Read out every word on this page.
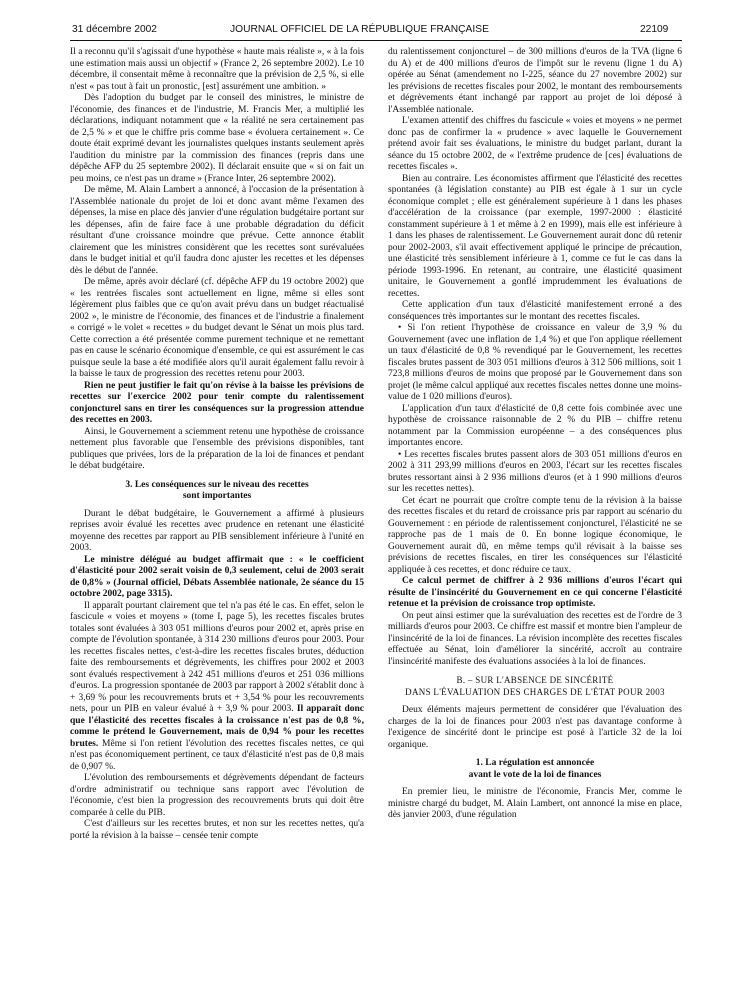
31 décembre 2002	JOURNAL OFFICIEL DE LA RÉPUBLIQUE FRANÇAISE	22109

Il a reconnu qu'il s'agissait d'une hypothèse « haute mais réaliste », « à la fois une estimation mais aussi un objectif » (France 2, 26 septembre 2002). Le 10 décembre, il consentait même à reconnaître que la prévision de 2,5 %, si elle n'est « pas tout à fait un pronostic, [est] assurément une ambition. »

Dès l'adoption du budget par le conseil des ministres, le ministre de l'économie, des finances et de l'industrie, M. Francis Mer, a multiplié les déclarations, indiquant notamment que « la réalité ne sera certainement pas de 2,5 % » et que le chiffre pris comme base « évoluera certainement ». Ce doute était exprimé devant les journalistes quelques instants seulement après l'audition du ministre par la commission des finances (repris dans une dépêche AFP du 25 septembre 2002). Il déclarait ensuite que « si on fait un peu moins, ce n'est pas un drame » (France Inter, 26 septembre 2002).

De même, M. Alain Lambert a annoncé, à l'occasion de la présentation à l'Assemblée nationale du projet de loi et donc avant même l'examen des dépenses, la mise en place dès janvier d'une régulation budgétaire portant sur les dépenses, afin de faire face à une probable dégradation du déficit résultant d'une croissance moindre que prévue. Cette annonce établit clairement que les ministres considèrent que les recettes sont surévaluées dans le budget initial et qu'il faudra donc ajuster les recettes et les dépenses dès le début de l'année.

De même, après avoir déclaré (cf. dépêche AFP du 19 octobre 2002) que « les rentrées fiscales sont actuellement en ligne, même si elles sont légèrement plus faibles que ce qu'on avait prévu dans un budget réactualisé 2002 », le ministre de l'économie, des finances et de l'industrie a finalement « corrigé » le volet « recettes » du budget devant le Sénat un mois plus tard. Cette correction a été présentée comme purement technique et ne remettant pas en cause le scénario économique d'ensemble, ce qui est assurément le cas puisque seule la base a été modifiée alors qu'il aurait également fallu revoir à la baisse le taux de progression des recettes retenu pour 2003.

Rien ne peut justifier le fait qu'on révise à la baisse les prévisions de recettes sur l'exercice 2002 pour tenir compte du ralentissement conjoncturel sans en tirer les conséquences sur la progression attendue des recettes en 2003.

Ainsi, le Gouvernement a sciemment retenu une hypothèse de croissance nettement plus favorable que l'ensemble des prévisions disponibles, tant publiques que privées, lors de la préparation de la loi de finances et pendant le débat budgétaire.

3. Les conséquences sur le niveau des recettes
sont importantes

Durant le débat budgétaire, le Gouvernement a affirmé à plusieurs reprises avoir évalué les recettes avec prudence en retenant une élasticité moyenne des recettes par rapport au PIB sensiblement inférieure à l'unité en 2003.

Le ministre délégué au budget affirmait que : « le coefficient d'élasticité pour 2002 serait voisin de 0,3 seulement, celui de 2003 serait de 0,8% » (Journal officiel, Débats Assemblée nationale, 2e séance du 15 octobre 2002, page 3315).

Il apparaît pourtant clairement que tel n'a pas été le cas. En effet, selon le fascicule « voies et moyens » (tome I, page 5), les recettes fiscales brutes totales sont évaluées à 303 051 millions d'euros pour 2002 et, après prise en compte de l'évolution spontanée, à 314 230 millions d'euros pour 2003. Pour les recettes fiscales nettes, c'est-à-dire les recettes fiscales brutes, déduction faite des remboursements et dégrèvements, les chiffres pour 2002 et 2003 sont évalués respectivement à 242 451 millions d'euros et 251 036 millions d'euros. La progression spontanée de 2003 par rapport à 2002 s'établit donc à + 3,69 % pour les recouvrements bruts et + 3,54 % pour les recouvrements nets, pour un PIB en valeur évalué à + 3,9 % pour 2003. Il apparaît donc que l'élasticité des recettes fiscales à la croissance n'est pas de 0,8 %, comme le prétend le Gouvernement, mais de 0,94 % pour les recettes brutes. Même si l'on retient l'évolution des recettes fiscales nettes, ce qui n'est pas économiquement pertinent, ce taux d'élasticité n'est pas de 0,8 mais de 0,907 %.

L'évolution des remboursements et dégrèvements dépendant de facteurs d'ordre administratif ou technique sans rapport avec l'évolution de l'économie, c'est bien la progression des recouvrements bruts qui doit être comparée à celle du PIB.

C'est d'ailleurs sur les recettes brutes, et non sur les recettes nettes, qu'a porté la révision à la baisse – censée tenir compte

du ralentissement conjoncturel – de 300 millions d'euros de la TVA (ligne 6 du A) et de 400 millions d'euros de l'impôt sur le revenu (ligne 1 du A) opérée au Sénat (amendement no I-225, séance du 27 novembre 2002) sur les prévisions de recettes fiscales pour 2002, le montant des remboursements et dégrèvements étant inchangé par rapport au projet de loi déposé à l'Assemblée nationale.

L'examen attentif des chiffres du fascicule « voies et moyens » ne permet donc pas de confirmer la « prudence » avec laquelle le Gouvernement prétend avoir fait ses évaluations, le ministre du budget parlant, durant la séance du 15 octobre 2002, de « l'extrême prudence de [ces] évaluations de recettes fiscales ».

Bien au contraire. Les économistes affirment que l'élasticité des recettes spontanées (à législation constante) au PIB est égale à 1 sur un cycle économique complet ; elle est généralement supérieure à 1 dans les phases d'accélération de la croissance (par exemple, 1997-2000 : élasticité constamment supérieure à 1 et même à 2 en 1999), mais elle est inférieure à 1 dans les phases de ralentissement. Le Gouvernement aurait donc dû retenir pour 2002-2003, s'il avait effectivement appliqué le principe de précaution, une élasticité très sensiblement inférieure à 1, comme ce fut le cas dans la période 1993-1996. En retenant, au contraire, une élasticité quasiment unitaire, le Gouvernement a gonflé imprudemment les évaluations de recettes.

Cette application d'un taux d'élasticité manifestement erroné a des conséquences très importantes sur le montant des recettes fiscales.

• Si l'on retient l'hypothèse de croissance en valeur de 3,9 % du Gouvernement (avec une inflation de 1,4 %) et que l'on applique réellement un taux d'élasticité de 0,8 % revendiqué par le Gouvernement, les recettes fiscales brutes passent de 303 051 millions d'euros à 312 506 millions, soit 1 723,8 millions d'euros de moins que proposé par le Gouvernement dans son projet (le même calcul appliqué aux recettes fiscales nettes donne une moins-value de 1 020 millions d'euros).

L'application d'un taux d'élasticité de 0,8 cette fois combinée avec une hypothèse de croissance raisonnable de 2 % du PIB – chiffre retenu notamment par la Commission européenne – a des conséquences plus importantes encore.

• Les recettes fiscales brutes passent alors de 303 051 millions d'euros en 2002 à 311 293,99 millions d'euros en 2003, l'écart sur les recettes fiscales brutes ressortant ainsi à 2 936 millions d'euros (et à 1 990 millions d'euros sur les recettes nettes).

Cet écart ne pourrait que croître compte tenu de la révision à la baisse des recettes fiscales et du retard de croissance pris par rapport au scénario du Gouvernement : en période de ralentissement conjoncturel, l'élasticité ne se rapproche pas de 1 mais de 0. En bonne logique économique, le Gouvernement aurait dû, en même temps qu'il révisait à la baisse ses prévisions de recettes fiscales, en tirer les conséquences sur l'élasticité appliquée à ces recettes, et donc réduire ce taux.

Ce calcul permet de chiffrer à 2 936 millions d'euros l'écart qui résulte de l'insincérité du Gouvernement en ce qui concerne l'élasticité retenue et la prévision de croissance trop optimiste.

On peut ainsi estimer que la surévaluation des recettes est de l'ordre de 3 milliards d'euros pour 2003. Ce chiffre est massif et montre bien l'ampleur de l'insincérité de la loi de finances. La révision incomplète des recettes fiscales effectuée au Sénat, loin d'améliorer la sincérité, accroît au contraire l'insincérité manifeste des évaluations associées à la loi de finances.

B. – SUR L'ABSENCE DE SINCÉRITÉ
DANS L'ÉVALUATION DES CHARGES DE L'ÉTAT POUR 2003

Deux éléments majeurs permettent de considérer que l'évaluation des charges de la loi de finances pour 2003 n'est pas davantage conforme à l'exigence de sincérité dont le principe est posé à l'article 32 de la loi organique.

1. La régulation est annoncée
avant le vote de la loi de finances

En premier lieu, le ministre de l'économie, Francis Mer, comme le ministre chargé du budget, M. Alain Lambert, ont annoncé la mise en place, dès janvier 2003, d'une régulation
